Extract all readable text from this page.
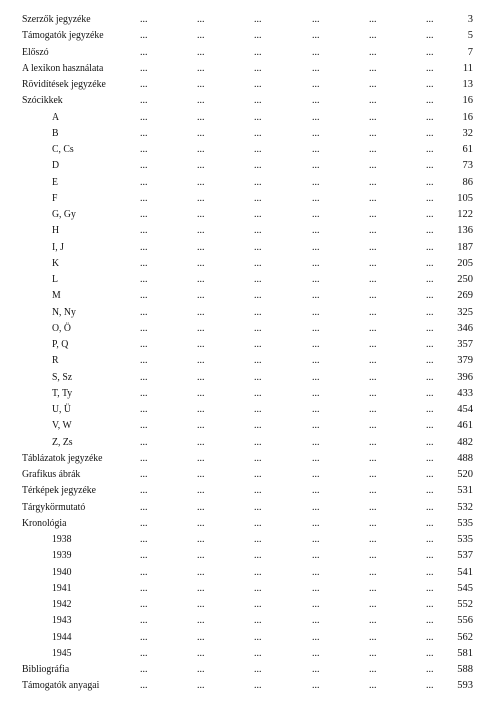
Szerzők jegyzéke	...	...	...	...	...	...	3
Támogatók jegyzéke	...	...	...	...	...	...	5
Előszó	...	...	...	...	...	...	7
A lexikon használata	...	...	...	...	...	...	11
Rövidítések jegyzéke	...	...	...	...	...	...	13
Szócikkek	...	...	...	...	...	...	16
A	...	...	...	...	...	...	16
B	...	...	...	...	...	...	32
C, Cs	...	...	...	...	...	...	61
D	...	...	...	...	...	...	73
E	...	...	...	...	...	...	86
F	...	...	...	...	...	... 105
G, Gy	...	...	...	...	...	... 122
H	...	...	...	...	...	... 136
I, J	...	...	...	...	...	... 187
K	...	...	...	...	...	... 205
L	...	...	...	...	...	... 250
M	...	...	...	...	...	... 269
N, Ny	...	...	...	...	...	... 325
O, Ö	...	...	...	...	...	... 346
P, Q	...	...	...	...	...	... 357
R	...	...	...	...	...	... 379
S, Sz	...	...	...	...	...	... 396
T, Ty	...	...	...	...	...	... 433
U, Ü	...	...	...	...	...	... 454
V, W	...	...	...	...	...	... 461
Z, Zs	...	...	...	...	...	... 482
Táblázatok jegyzéke	...	...	...	...	...	... 488
Grafikus ábrák	...	...	...	...	...	... 520
Térképek jegyzéke	...	...	...	...	...	... 531
Tárgykörmutató	...	...	...	...	...	... 532
Kronológia	...	...	...	...	...	... 535
1938	...	...	...	...	...	... 535
1939	...	...	...	...	...	... 537
1940	...	...	...	...	...	... 541
1941	...	...	...	...	...	... 545
1942	...	...	...	...	...	... 552
1943	...	...	...	...	...	... 556
1944	...	...	...	...	...	... 562
1945	...	...	...	...	...	... 581
Bibliográfia	...	...	...	...	...	... 588
Támogatók anyagai	...	...	...	...	...	... 593
